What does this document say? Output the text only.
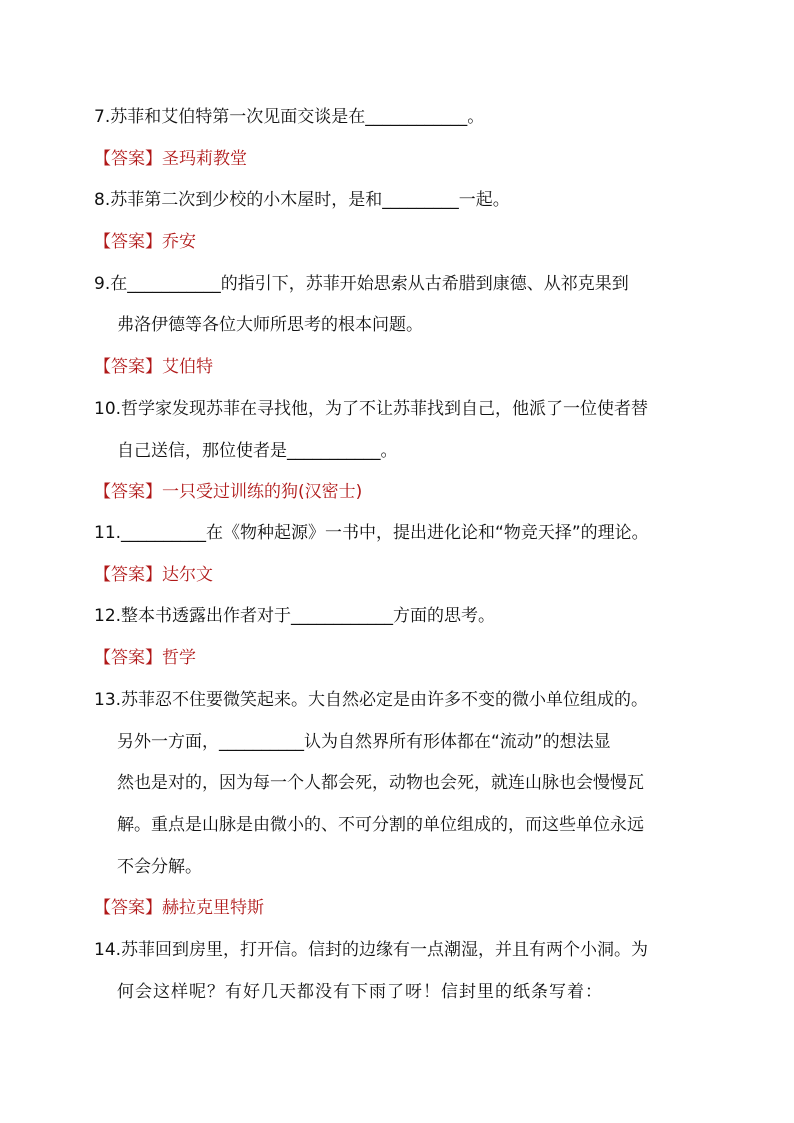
7.苏菲和艾伯特第一次见面交谈是在____________。
【答案】圣玛莉教堂
8.苏菲第二次到少校的小木屋时，是和_________一起。
【答案】乔安
9.在___________的指引下，苏菲开始思索从古希腊到康德、从祁克果到
弗洛伊德等各位大师所思考的根本问题。
【答案】艾伯特
10.哲学家发现苏菲在寻找他，为了不让苏菲找到自己，他派了一位使者替
自己送信，那位使者是___________。
【答案】一只受过训练的狗(汉密士)
11.__________在《物种起源》一书中，提出进化论和“物竞天择”的理论。
【答案】达尔文
12.整本书透露出作者对于____________方面的思考。
【答案】哲学
13.苏菲忍不住要微笑起来。大自然必定是由许多不变的微小单位组成的。
另外一方面，__________认为自然界所有形体都在“流动”的想法显
然也是对的，因为每一个人都会死，动物也会死，就连山脉也会慢慢瓦
解。重点是山脉是由微小的、不可分割的单位组成的，而这些单位永远
不会分解。
【答案】赫拉克里特斯
14.苏菲回到房里，打开信。信封的边缘有一点潮湿，并且有两个小洞。为
何会这样呢？有好几天都没有下雨了呀！信封里的纸条写着：
